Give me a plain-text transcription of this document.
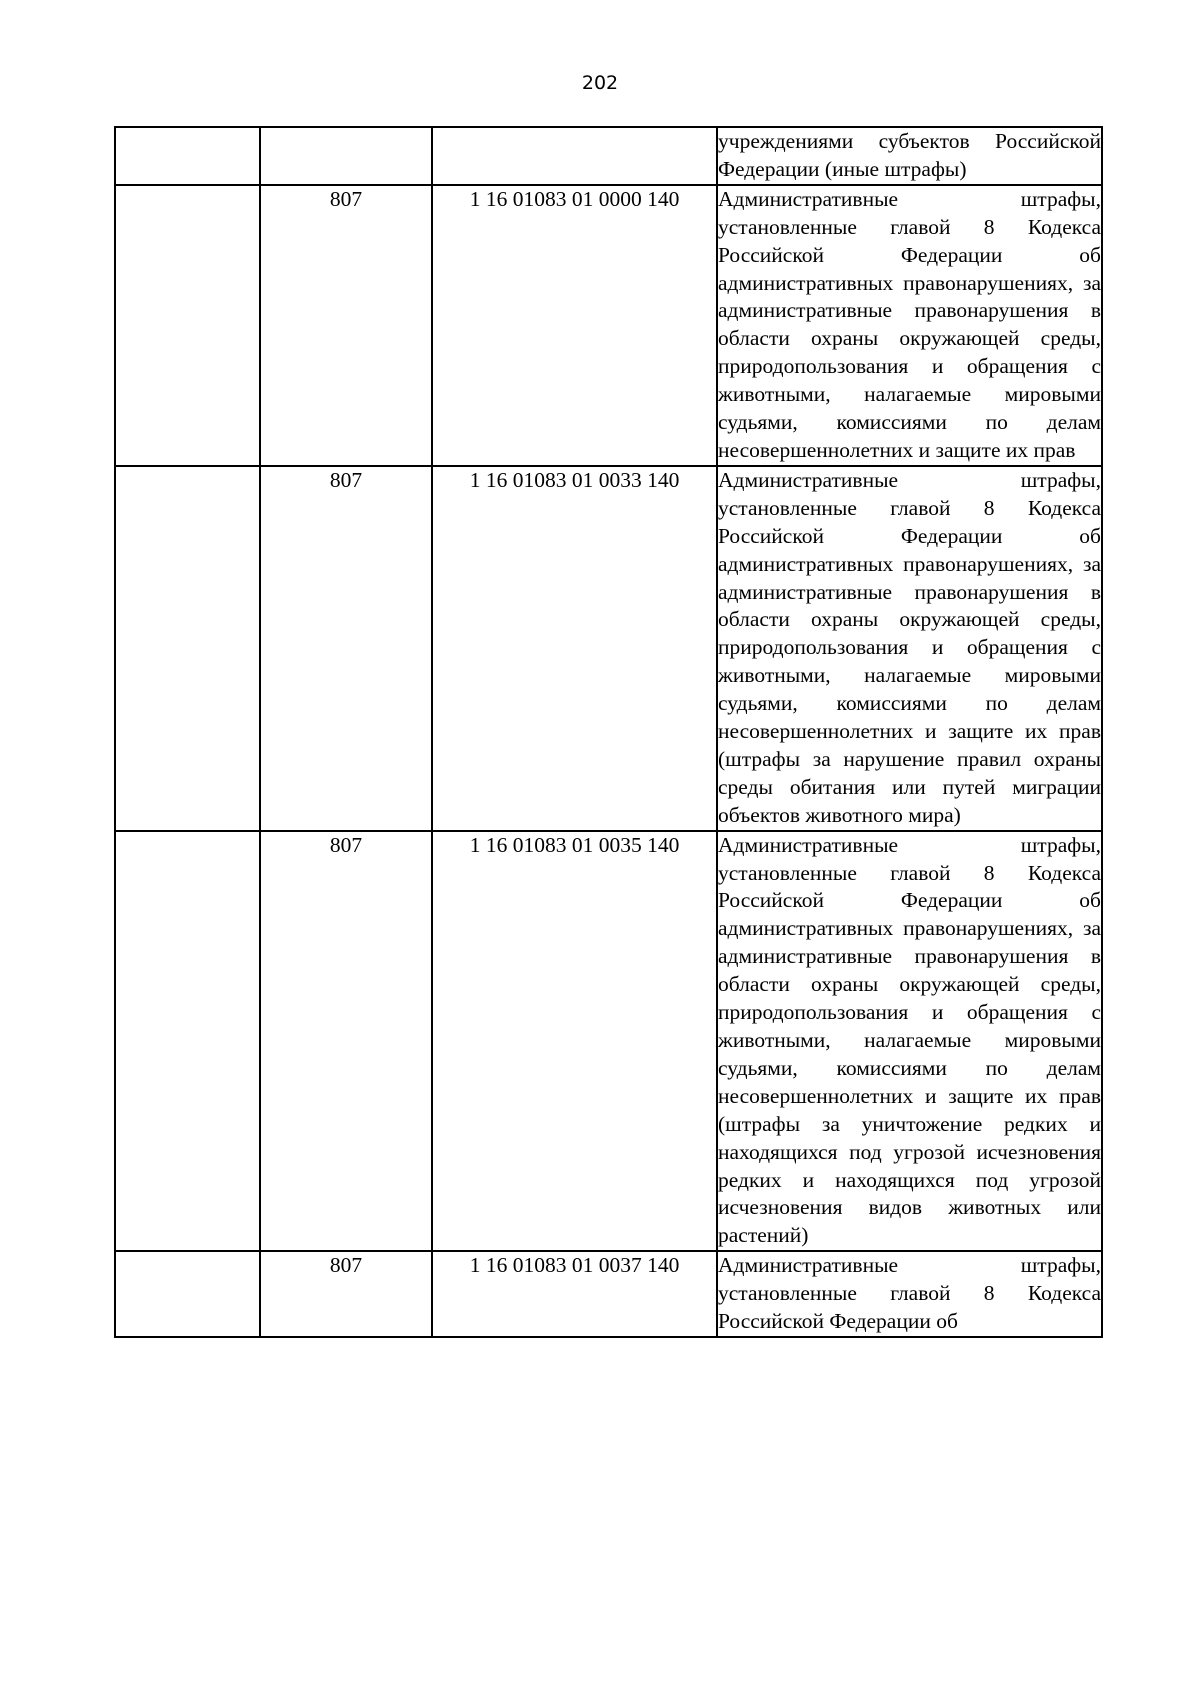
202
			учреждениями субъектов Российской Федерации (иные штрафы)
	807	1 16 01083 01 0000 140	Административные штрафы, установленные главой 8 Кодекса Российской Федерации об административных правонарушениях, за административные правонарушения в области охраны окружающей среды, природопользования и обращения с животными, налагаемые мировыми судьями, комиссиями по делам несовершеннолетних и защите их прав
	807	1 16 01083 01 0033 140	Административные штрафы, установленные главой 8 Кодекса Российской Федерации об административных правонарушениях, за административные правонарушения в области охраны окружающей среды, природопользования и обращения с животными, налагаемые мировыми судьями, комиссиями по делам несовершеннолетних и защите их прав (штрафы за нарушение правил охраны среды обитания или путей миграции объектов животного мира)
	807	1 16 01083 01 0035 140	Административные штрафы, установленные главой 8 Кодекса Российской Федерации об административных правонарушениях, за административные правонарушения в области охраны окружающей среды, природопользования и обращения с животными, налагаемые мировыми судьями, комиссиями по делам несовершеннолетних и защите их прав (штрафы за уничтожение редких и находящихся под угрозой исчезновения редких и находящихся под угрозой исчезновения видов животных или растений)
	807	1 16 01083 01 0037 140	Административные штрафы, установленные главой 8 Кодекса Российской Федерации об
